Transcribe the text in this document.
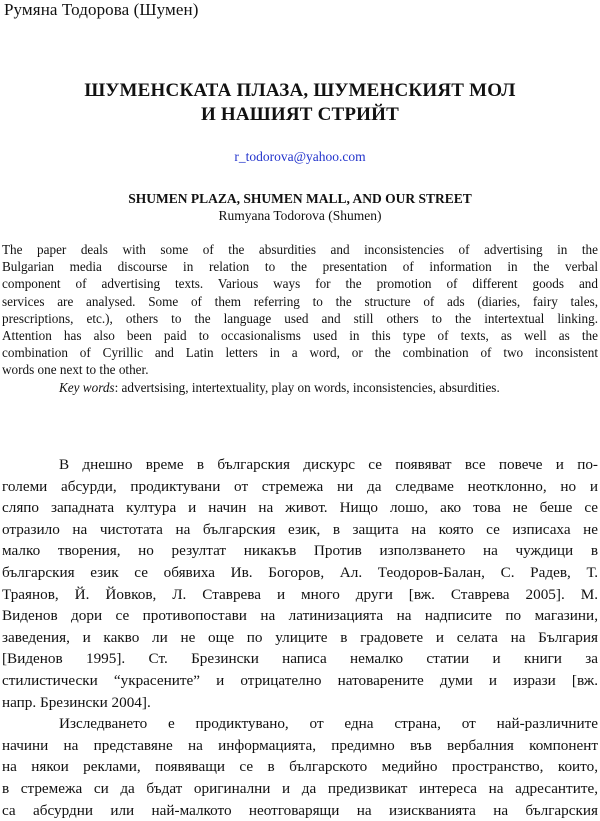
Румяна Тодорова (Шумен)
ШУМЕНСКАТА ПЛАЗА, ШУМЕНСКИЯТ МОЛ
И НАШИЯТ СТРИЙТ
r_todorova@yahoo.com
SHUMEN PLAZA, SHUMEN MALL, AND OUR STREET
Rumyana Todorova (Shumen)
The paper deals with some of the absurdities and inconsistencies of advertising in the
Bulgarian media discourse in relation to the presentation of information in the verbal
component of advertising texts. Various ways for the promotion of different goods and
services are analysed. Some of them referring to the structure of ads (diaries, fairy tales,
prescriptions, etc.), others to the language used and still others to the intertextual linking.
Attention has also been paid to occasionalisms used in this type of texts, as well as the
combination of Cyrillic and Latin letters in a word, or the combination of two inconsistent
words one next to the other.
Key words: advertsising, intertextuality, play on words, inconsistencies, absurdities.
В днешно време в българския дискурс се появяват все повече и по-
големи абсурди, продиктувани от стремежа ни да следваме неотклонно, но и
сляпо западната култура и начин на живот. Нищо лошо, ако това не беше се
отразило на чистотата на българския език, в защита на която се изписаха не
малко творения, но резултат никакъв Против използването на чуждици в
българския език се обявиха Ив. Богоров, Ал. Теодоров-Балан, С. Радев, Т.
Траянов, Й. Йовков, Л. Ставрева и много други [вж. Ставрева 2005]. М.
Виденов дори се противопостави на латинизацията на надписите по магазини,
заведения, и какво ли не още по улиците в градовете и селата на България
[Виденов 1995]. Ст. Брезински написа немалко статии и книги за
стилистически “украсените” и отрицателно натоварените думи и изрази [вж.
напр. Брезински 2004].
Изследването е продиктувано, от една страна, от най-различните
начини на представяне на информацията, предимно във вербалния компонент
на някои реклами, появяващи се в българското медийно пространство, които,
в стремежа си да бъдат оригинални и да предизвикат интереса на адресантите,
са абсурдни или най-малкото неотговарящи на изискванията на българския
